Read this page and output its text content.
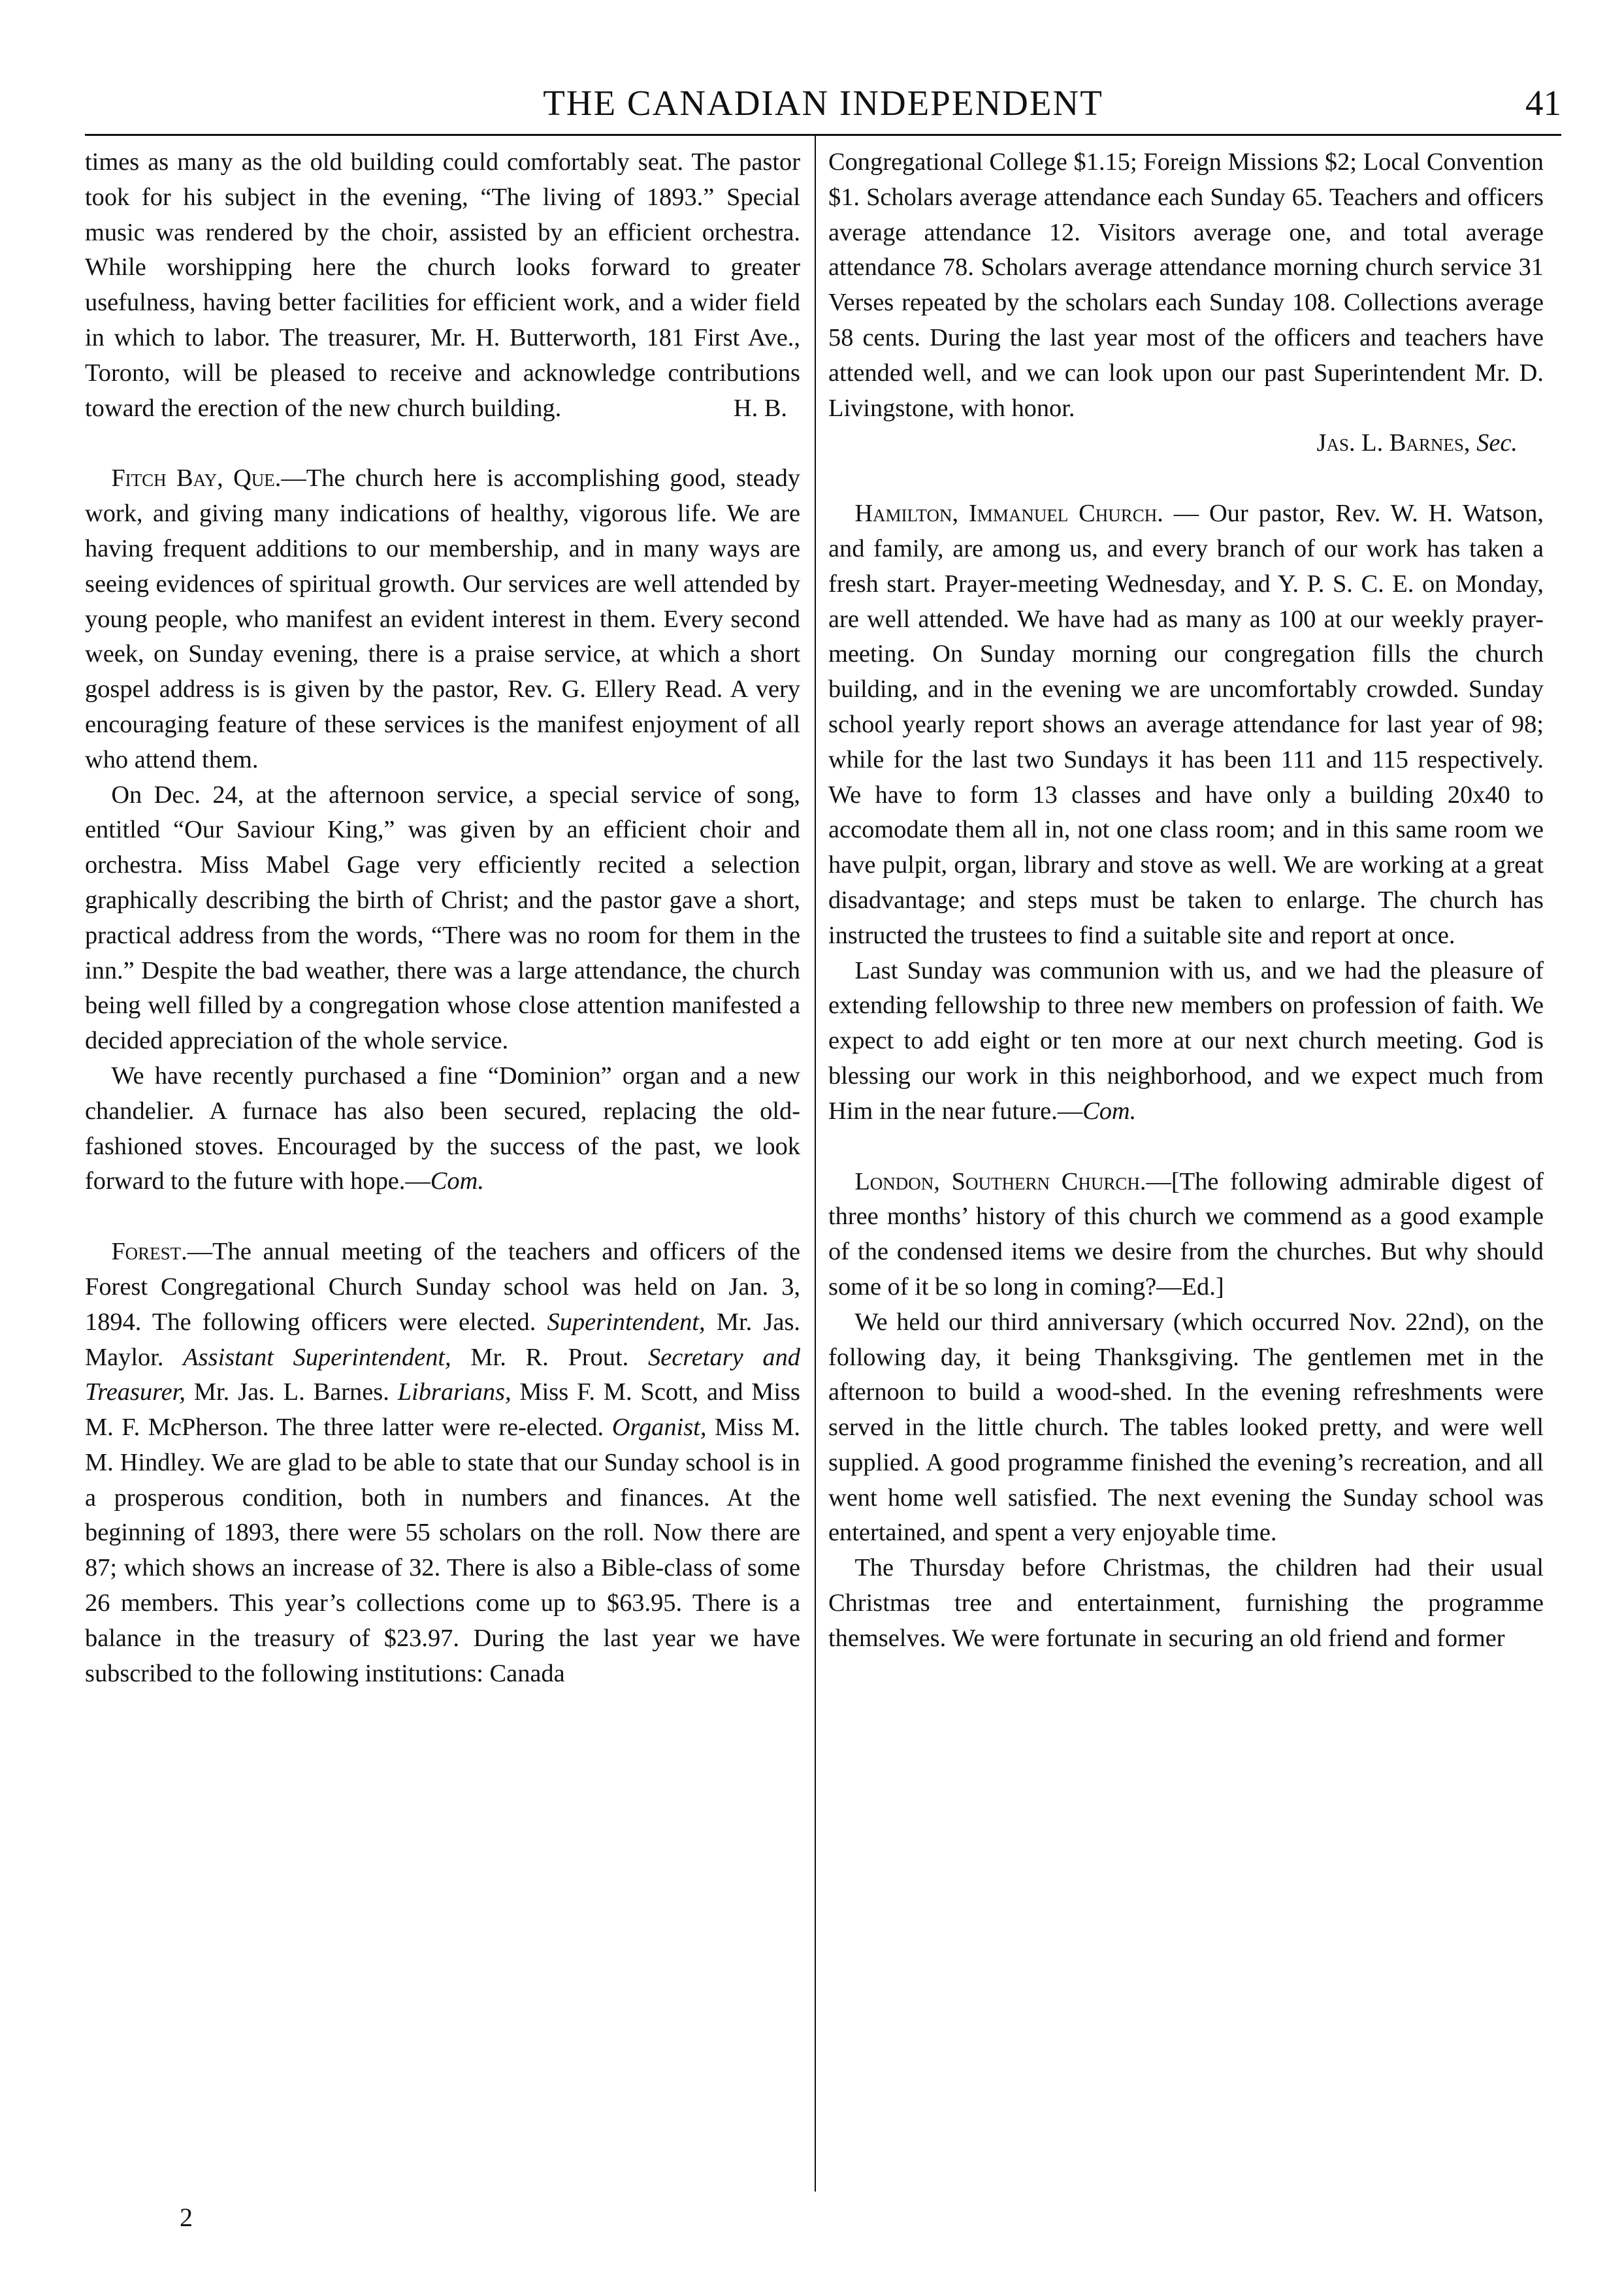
THE CANADIAN INDEPENDENT	41

times as many as the old building could comfortably seat. The pastor took for his subject in the evening, “The living of 1893.” Special music was rendered by the choir, assisted by an efficient orchestra. While worshipping here the church looks forward to greater usefulness, having better facilities for efficient work, and a wider field in which to labor. The treasurer, Mr. H. Butterworth, 181 First Ave., Toronto, will be pleased to receive and acknowledge contributions toward the erection of the new church building.	H. B.

Fitch Bay, Que.—The church here is accomplishing good, steady work, and giving many indications of healthy, vigorous life. We are having frequent additions to our membership, and in many ways are seeing evidences of spiritual growth. Our services are well attended by young people, who manifest an evident interest in them. Every second week, on Sunday evening, there is a praise service, at which a short gospel address is is given by the pastor, Rev. G. Ellery Read. A very encouraging feature of these services is the manifest enjoyment of all who attend them.

On Dec. 24, at the afternoon service, a special service of song, entitled “Our Saviour King,” was given by an efficient choir and orchestra. Miss Mabel Gage very efficiently recited a selection graphically describing the birth of Christ; and the pastor gave a short, practical address from the words, “There was no room for them in the inn.” Despite the bad weather, there was a large attendance, the church being well filled by a congregation whose close attention manifested a decided appreciation of the whole service.

We have recently purchased a fine “Dominion” organ and a new chandelier. A furnace has also been secured, replacing the old-fashioned stoves. Encouraged by the success of the past, we look forward to the future with hope.—Com.

Forest.—The annual meeting of the teachers and officers of the Forest Congregational Church Sunday school was held on Jan. 3, 1894. The following officers were elected. Superintendent, Mr. Jas. Maylor. Assistant Superintendent, Mr. R. Prout. Secretary and Treasurer, Mr. Jas. L. Barnes. Librarians, Miss F. M. Scott, and Miss M. F. McPherson. The three latter were re-elected. Organist, Miss M. M. Hindley. We are glad to be able to state that our Sunday school is in a prosperous condition, both in numbers and finances. At the beginning of 1893, there were 55 scholars on the roll. Now there are 87; which shows an increase of 32. There is also a Bible-class of some 26 members. This year’s collections come up to $63.95. There is a balance in the treasury of $23.97. During the last year we have subscribed to the following institutions: Canada

Congregational College $1.15; Foreign Missions $2; Local Convention $1. Scholars average attendance each Sunday 65. Teachers and officers average attendance 12. Visitors average one, and total average attendance 78. Scholars average attendance morning church service 31 Verses repeated by the scholars each Sunday 108. Collections average 58 cents. During the last year most of the officers and teachers have attended well, and we can look upon our past Superintendent Mr. D. Livingstone, with honor.

Jas. L. Barnes, Sec.

Hamilton, Immanuel Church. — Our pastor, Rev. W. H. Watson, and family, are among us, and every branch of our work has taken a fresh start. Prayer-meeting Wednesday, and Y. P. S. C. E. on Monday, are well attended. We have had as many as 100 at our weekly prayer-meeting. On Sunday morning our congregation fills the church building, and in the evening we are uncomfortably crowded. Sunday school yearly report shows an average attendance for last year of 98; while for the last two Sundays it has been 111 and 115 respectively. We have to form 13 classes and have only a building 20x40 to accomodate them all in, not one class room; and in this same room we have pulpit, organ, library and stove as well. We are working at a great disadvantage; and steps must be taken to enlarge. The church has instructed the trustees to find a suitable site and report at once.

Last Sunday was communion with us, and we had the pleasure of extending fellowship to three new members on profession of faith. We expect to add eight or ten more at our next church meeting. God is blessing our work in this neighborhood, and we expect much from Him in the near future.—Com.

London, Southern Church.—[The following admirable digest of three months’ history of this church we commend as a good example of the condensed items we desire from the churches. But why should some of it be so long in coming?—Ed.]

We held our third anniversary (which occurred Nov. 22nd), on the following day, it being Thanksgiving. The gentlemen met in the afternoon to build a wood-shed. In the evening refreshments were served in the little church. The tables looked pretty, and were well supplied. A good programme finished the evening’s recreation, and all went home well satisfied. The next evening the Sunday school was entertained, and spent a very enjoyable time.

The Thursday before Christmas, the children had their usual Christmas tree and entertainment, furnishing the programme themselves. We were fortunate in securing an old friend and former

2
